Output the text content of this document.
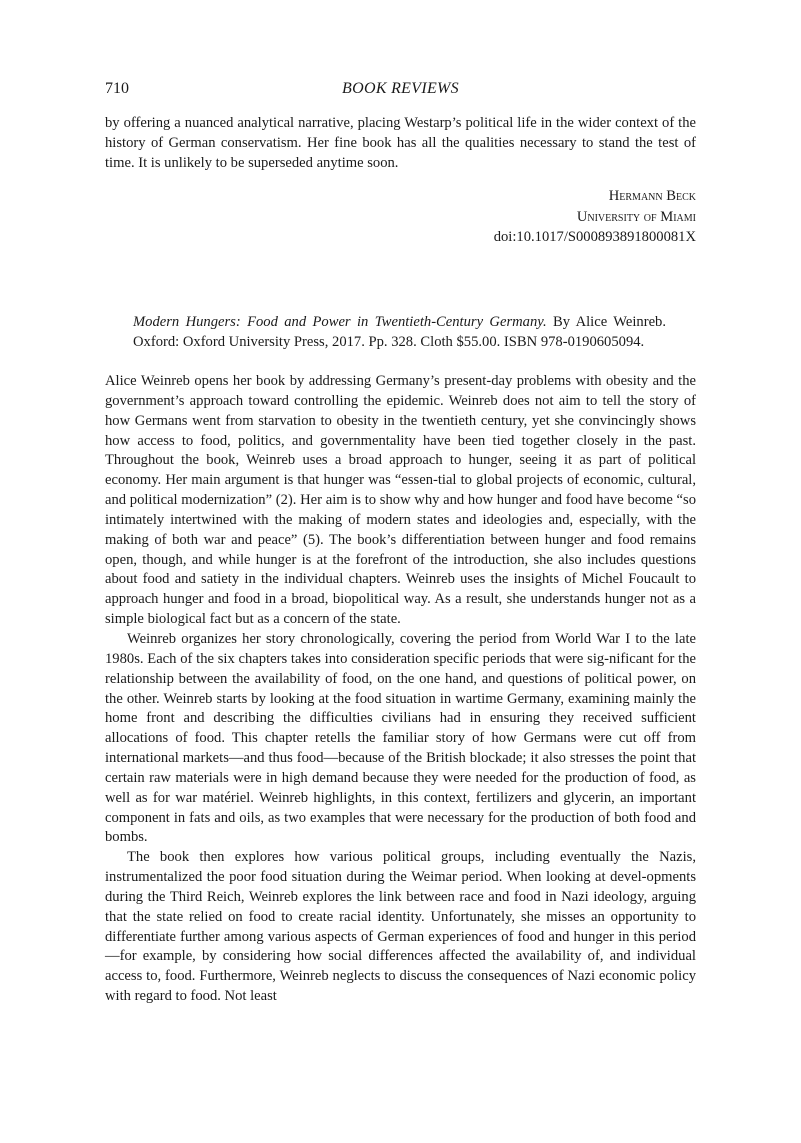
710	BOOK REVIEWS

by offering a nuanced analytical narrative, placing Westarp’s political life in the wider context of the history of German conservatism. Her fine book has all the qualities necessary to stand the test of time. It is unlikely to be superseded anytime soon.

Hermann Beck
University of Miami
doi:10.1017/S000893891800081X
Modern Hungers: Food and Power in Twentieth-Century Germany. By Alice Weinreb. Oxford: Oxford University Press, 2017. Pp. 328. Cloth $55.00. ISBN 978-0190605094.

Alice Weinreb opens her book by addressing Germany’s present-day problems with obesity and the government’s approach toward controlling the epidemic. Weinreb does not aim to tell the story of how Germans went from starvation to obesity in the twentieth century, yet she convincingly shows how access to food, politics, and governmentality have been tied together closely in the past. Throughout the book, Weinreb uses a broad approach to hunger, seeing it as part of political economy. Her main argument is that hunger was “essen-tial to global projects of economic, cultural, and political modernization” (2). Her aim is to show why and how hunger and food have become “so intimately intertwined with the making of modern states and ideologies and, especially, with the making of both war and peace” (5). The book’s differentiation between hunger and food remains open, though, and while hunger is at the forefront of the introduction, she also includes questions about food and satiety in the individual chapters. Weinreb uses the insights of Michel Foucault to approach hunger and food in a broad, biopolitical way. As a result, she understands hunger not as a simple biological fact but as a concern of the state.

Weinreb organizes her story chronologically, covering the period from World War I to the late 1980s. Each of the six chapters takes into consideration specific periods that were sig-nificant for the relationship between the availability of food, on the one hand, and questions of political power, on the other. Weinreb starts by looking at the food situation in wartime Germany, examining mainly the home front and describing the difficulties civilians had in ensuring they received sufficient allocations of food. This chapter retells the familiar story of how Germans were cut off from international markets—and thus food—because of the British blockade; it also stresses the point that certain raw materials were in high demand because they were needed for the production of food, as well as for war matériel. Weinreb highlights, in this context, fertilizers and glycerin, an important component in fats and oils, as two examples that were necessary for the production of both food and bombs.

The book then explores how various political groups, including eventually the Nazis, instrumentalized the poor food situation during the Weimar period. When looking at devel-opments during the Third Reich, Weinreb explores the link between race and food in Nazi ideology, arguing that the state relied on food to create racial identity. Unfortunately, she misses an opportunity to differentiate further among various aspects of German experiences of food and hunger in this period—for example, by considering how social differences affected the availability of, and individual access to, food. Furthermore, Weinreb neglects to discuss the consequences of Nazi economic policy with regard to food. Not least
